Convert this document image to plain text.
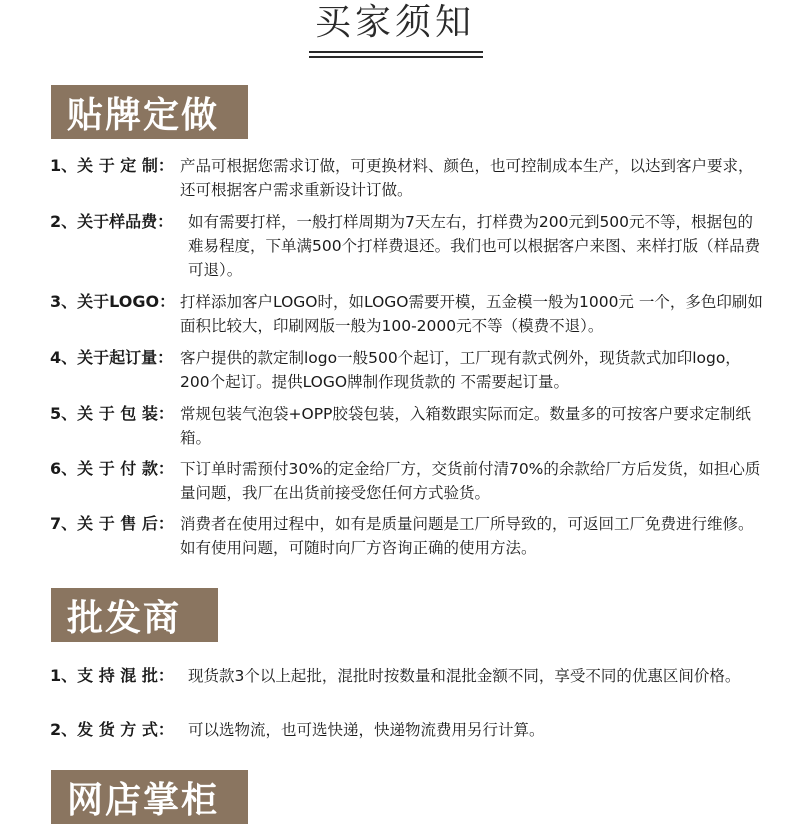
买家须知
贴牌定做
1、关 于 定 制： 产品可根据您需求订做，可更换材料、颜色，也可控制成本生产，以达到客户要求，还可根据客户需求重新设计订做。
2、关于样品费： 如有需要打样，一般打样周期为7天左右，打样费为200元到500元不等，根据包的难易程度，下单满500个打样费退还。我们也可以根据客户来图、来样打版（样品费可退）。
3、关于LOGO： 打样添加客户LOGO时，如LOGO需要开模，五金模一般为1000元 一个，多色印刷如面积比较大，印刷网版一般为100-2000元不等（模费不退）。
4、关于起订量： 客户提供的款定制logo一般500个起订，工厂现有款式例外，现货款式加印logo，200个起订。提供LOGO牌制作现货款的 不需要起订量。
5、关 于 包 装： 常规包装气泡袋+OPP胶袋包装，入箱数跟实际而定。数量多的可按客户要求定制纸箱。
6、关 于 付 款： 下订单时需预付30%的定金给厂方，交货前付清70%的余款给厂方后发货，如担心质量问题，我厂在出货前接受您任何方式验货。
7、关 于 售 后： 消费者在使用过程中，如有是质量问题是工厂所导致的，可返回工厂免费进行维修。如有使用问题，可随时向厂方咨询正确的使用方法。
批发商
1、支 持 混 批： 现货款3个以上起批，混批时按数量和混批金额不同，享受不同的优惠区间价格。
2、发 货 方 式： 可以选物流，也可选快递，快递物流费用另行计算。
网店掌柜
